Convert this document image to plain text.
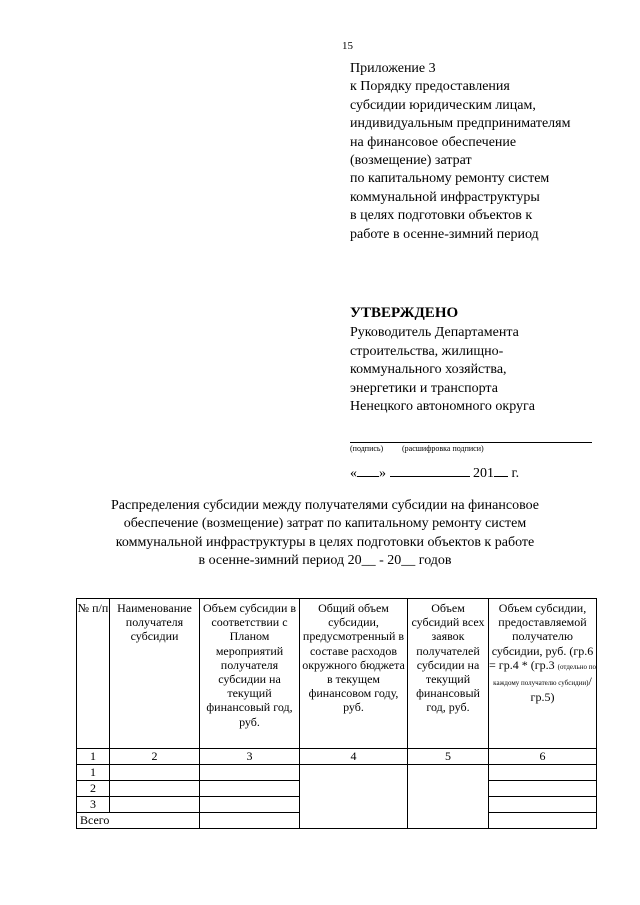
15
Приложение 3
к Порядку предоставления
субсидии юридическим лицам,
индивидуальным предпринимателям
на финансовое обеспечение
(возмещение) затрат
по капитальному ремонту систем
коммунальной инфраструктуры
в целях подготовки объектов к
работе в осенне-зимний период
УТВЕРЖДЕНО
Руководитель Департамента
строительства, жилищно-
коммунального хозяйства,
энергетики и транспорта
Ненецкого автономного округа
(подпись) (расшифровка подписи)
« »	201 г.
Распределения субсидии между получателями субсидии на финансовое
обеспечение (возмещение) затрат по капитальному ремонту систем
коммунальной инфраструктуры в целях подготовки объектов к работе
в осенне-зимний период 20__ - 20__ годов
№ п/п	Наименование получателя субсидии	Объем субсидии в соответствии с Планом мероприятий получателя субсидии на текущий финансовый год, руб.	Общий объем субсидии, предусмотренный в составе расходов окружного бюджета в текущем финансовом году, руб.	Объем субсидий всех заявок получателей субсидии на текущий финансовый год, руб.	Объем субсидии, предоставляемой получателю субсидии, руб. (гр.6 = гр.4 * (гр.3 (отдельно по каждому получателю субсидии)/гр.5)
1	2	3	4	5	6
1					
2					
3					
Всего					
